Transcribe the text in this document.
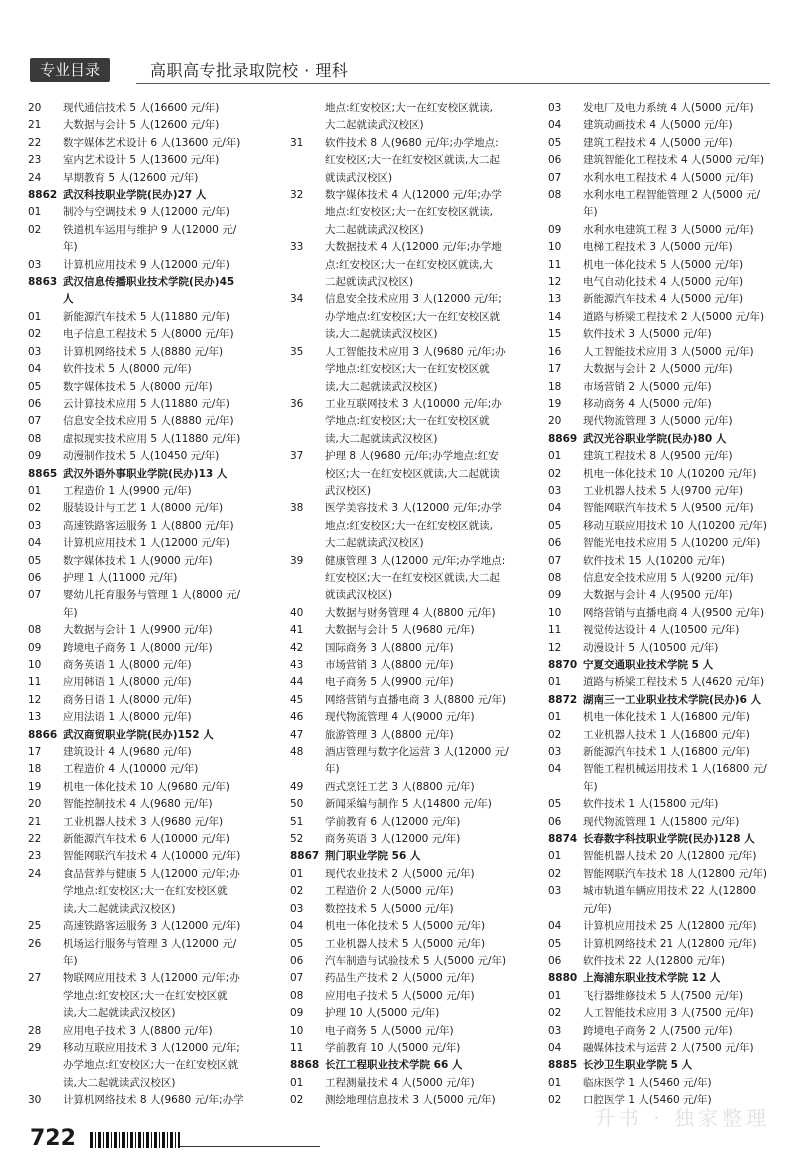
专业目录	高职高专批录取院校 · 理科
20 现代通信技术 5 人(16600 元/年)
21 大数据与会计 5 人(12600 元/年)
22 数字媒体艺术设计 6 人(13600 元/年)
23 室内艺术设计 5 人(13600 元/年)
24 早期教育 5 人(12600 元/年)
8862 武汉科技职业学院(民办)27 人
01 制冷与空调技术 9 人(12000 元/年)
02 铁道机车运用与维护 9 人(12000 元/
年)
03 计算机应用技术 9 人(12000 元/年)
8863 武汉信息传播职业技术学院(民办)45
人
01 新能源汽车技术 5 人(11880 元/年)
02 电子信息工程技术 5 人(8000 元/年)
03 计算机网络技术 5 人(8880 元/年)
04 软件技术 5 人(8000 元/年)
05 数字媒体技术 5 人(8000 元/年)
06 云计算技术应用 5 人(11880 元/年)
07 信息安全技术应用 5 人(8880 元/年)
08 虚拟现实技术应用 5 人(11880 元/年)
09 动漫制作技术 5 人(10450 元/年)
8865 武汉外语外事职业学院(民办)13 人
01 工程造价 1 人(9900 元/年)
02 服装设计与工艺 1 人(8000 元/年)
03 高速铁路客运服务 1 人(8800 元/年)
04 计算机应用技术 1 人(12000 元/年)
05 数字媒体技术 1 人(9000 元/年)
06 护理 1 人(11000 元/年)
07 婴幼儿托育服务与管理 1 人(8000 元/
年)
08 大数据与会计 1 人(9900 元/年)
09 跨境电子商务 1 人(8000 元/年)
10 商务英语 1 人(8000 元/年)
11 应用韩语 1 人(8000 元/年)
12 商务日语 1 人(8000 元/年)
13 应用法语 1 人(8000 元/年)
8866 武汉商贸职业学院(民办)152 人
17 建筑设计 4 人(9680 元/年)
18 工程造价 4 人(10000 元/年)
19 机电一体化技术 10 人(9680 元/年)
20 智能控制技术 4 人(9680 元/年)
21 工业机器人技术 3 人(9680 元/年)
22 新能源汽车技术 6 人(10000 元/年)
23 智能网联汽车技术 4 人(10000 元/年)
24 食品营养与健康 5 人(12000 元/年;办
学地点:红安校区;大一在红安校区就
读,大二起就读武汉校区)
25 高速铁路客运服务 3 人(12000 元/年)
26 机场运行服务与管理 3 人(12000 元/
年)
27 物联网应用技术 3 人(12000 元/年;办
学地点:红安校区;大一在红安校区就
读,大二起就读武汉校区)
28 应用电子技术 3 人(8800 元/年)
29 移动互联应用技术 3 人(12000 元/年;
办学地点:红安校区;大一在红安校区就
读,大二起就读武汉校区)
30 计算机网络技术 8 人(9680 元/年;办学
地点:红安校区;大一在红安校区就读,
大二起就读武汉校区)
31 软件技术 8 人(9680 元/年;办学地点:
红安校区;大一在红安校区就读,大二起
就读武汉校区)
32 数字媒体技术 4 人(12000 元/年;办学
地点:红安校区;大一在红安校区就读,
大二起就读武汉校区)
33 大数据技术 4 人(12000 元/年;办学地
点:红安校区;大一在红安校区就读,大
二起就读武汉校区)
34 信息安全技术应用 3 人(12000 元/年;
办学地点:红安校区;大一在红安校区就
读,大二起就读武汉校区)
35 人工智能技术应用 3 人(9680 元/年;办
学地点:红安校区;大一在红安校区就
读,大二起就读武汉校区)
36 工业互联网技术 3 人(10000 元/年;办
学地点:红安校区;大一在红安校区就
读,大二起就读武汉校区)
37 护理 8 人(9680 元/年;办学地点:红安
校区;大一在红安校区就读,大二起就读
武汉校区)
38 医学美容技术 3 人(12000 元/年;办学
地点:红安校区;大一在红安校区就读,
大二起就读武汉校区)
39 健康管理 3 人(12000 元/年;办学地点:
红安校区;大一在红安校区就读,大二起
就读武汉校区)
40 大数据与财务管理 4 人(8800 元/年)
41 大数据与会计 5 人(9680 元/年)
42 国际商务 3 人(8800 元/年)
43 市场营销 3 人(8800 元/年)
44 电子商务 5 人(9900 元/年)
45 网络营销与直播电商 3 人(8800 元/年)
46 现代物流管理 4 人(9000 元/年)
47 旅游管理 3 人(8800 元/年)
48 酒店管理与数字化运营 3 人(12000 元/
年)
49 西式烹饪工艺 3 人(8800 元/年)
50 新闻采编与制作 5 人(14800 元/年)
51 学前教育 6 人(12000 元/年)
52 商务英语 3 人(12000 元/年)
8867 荆门职业学院 56 人
01 现代农业技术 2 人(5000 元/年)
02 工程造价 2 人(5000 元/年)
03 数控技术 5 人(5000 元/年)
04 机电一体化技术 5 人(5000 元/年)
05 工业机器人技术 5 人(5000 元/年)
06 汽车制造与试验技术 5 人(5000 元/年)
07 药品生产技术 2 人(5000 元/年)
08 应用电子技术 5 人(5000 元/年)
09 护理 10 人(5000 元/年)
10 电子商务 5 人(5000 元/年)
11 学前教育 10 人(5000 元/年)
8868 长江工程职业技术学院 66 人
01 工程测量技术 4 人(5000 元/年)
02 测绘地理信息技术 3 人(5000 元/年)
03 发电厂及电力系统 4 人(5000 元/年)
04 建筑动画技术 4 人(5000 元/年)
05 建筑工程技术 4 人(5000 元/年)
06 建筑智能化工程技术 4 人(5000 元/年)
07 水利水电工程技术 4 人(5000 元/年)
08 水利水电工程智能管理 2 人(5000 元/
年)
09 水利水电建筑工程 3 人(5000 元/年)
10 电梯工程技术 3 人(5000 元/年)
11 机电一体化技术 5 人(5000 元/年)
12 电气自动化技术 4 人(5000 元/年)
13 新能源汽车技术 4 人(5000 元/年)
14 道路与桥梁工程技术 2 人(5000 元/年)
15 软件技术 3 人(5000 元/年)
16 人工智能技术应用 3 人(5000 元/年)
17 大数据与会计 2 人(5000 元/年)
18 市场营销 2 人(5000 元/年)
19 移动商务 4 人(5000 元/年)
20 现代物流管理 3 人(5000 元/年)
8869 武汉光谷职业学院(民办)80 人
01 建筑工程技术 8 人(9500 元/年)
02 机电一体化技术 10 人(10200 元/年)
03 工业机器人技术 5 人(9700 元/年)
04 智能网联汽车技术 5 人(9500 元/年)
05 移动互联应用技术 10 人(10200 元/年)
06 智能光电技术应用 5 人(10200 元/年)
07 软件技术 15 人(10200 元/年)
08 信息安全技术应用 5 人(9200 元/年)
09 大数据与会计 4 人(9500 元/年)
10 网络营销与直播电商 4 人(9500 元/年)
11 视觉传达设计 4 人(10500 元/年)
12 动漫设计 5 人(10500 元/年)
8870 宁夏交通职业技术学院 5 人
01 道路与桥梁工程技术 5 人(4620 元/年)
8872 湖南三一工业职业技术学院(民办)6 人
01 机电一体化技术 1 人(16800 元/年)
02 工业机器人技术 1 人(16800 元/年)
03 新能源汽车技术 1 人(16800 元/年)
04 智能工程机械运用技术 1 人(16800 元/
年)
05 软件技术 1 人(15800 元/年)
06 现代物流管理 1 人(15800 元/年)
8874 长春数字科技职业学院(民办)128 人
01 智能机器人技术 20 人(12800 元/年)
02 智能网联汽车技术 18 人(12800 元/年)
03 城市轨道车辆应用技术 22 人(12800
元/年)
04 计算机应用技术 25 人(12800 元/年)
05 计算机网络技术 21 人(12800 元/年)
06 软件技术 22 人(12800 元/年)
8880 上海浦东职业技术学院 12 人
01 飞行器维修技术 5 人(7500 元/年)
02 人工智能技术应用 3 人(7500 元/年)
03 跨境电子商务 2 人(7500 元/年)
04 融媒体技术与运营 2 人(7500 元/年)
8885 长沙卫生职业学院 5 人
01 临床医学 1 人(5460 元/年)
02 口腔医学 1 人(5460 元/年)
722
升书 · 独家整理
